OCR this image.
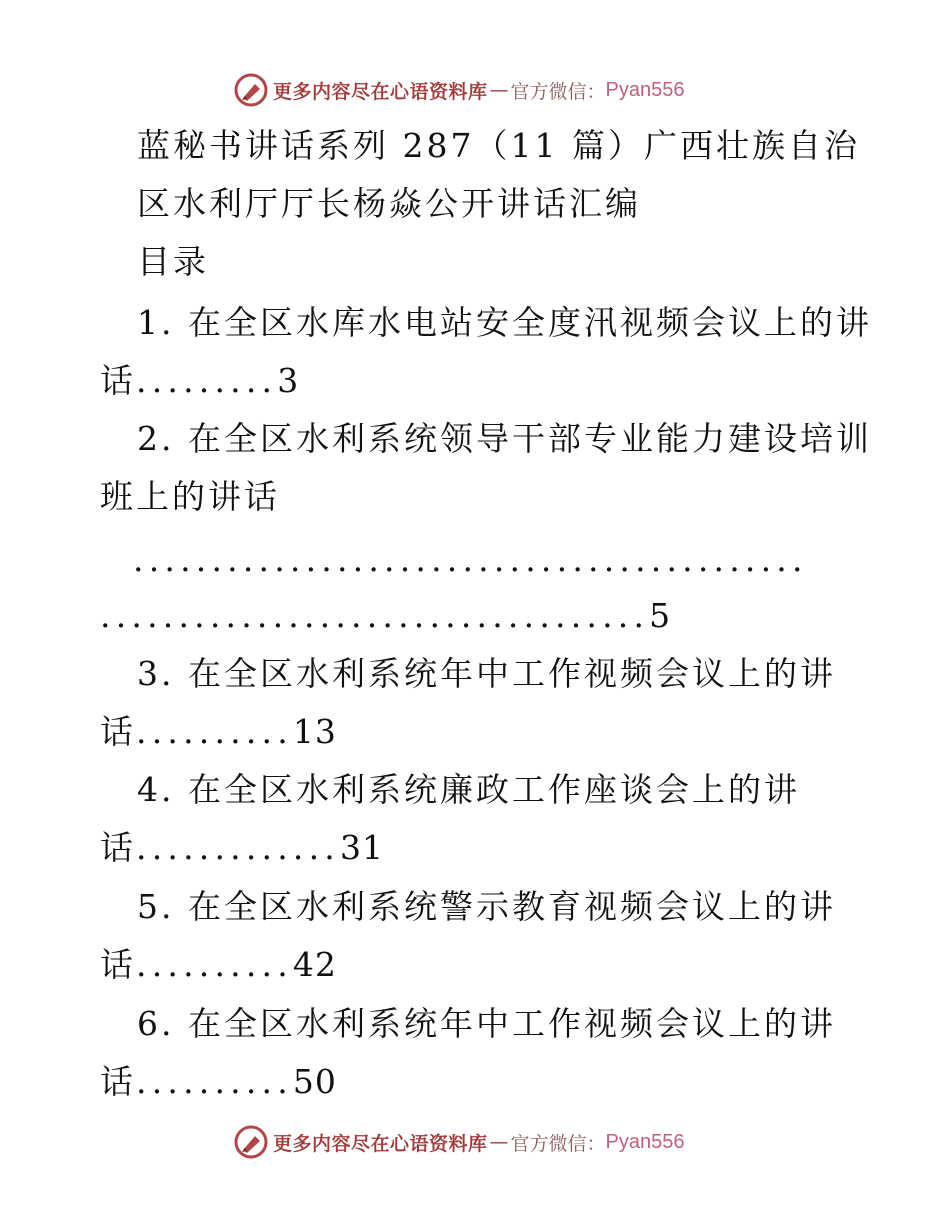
更多内容尽在心语资料库 — 官方微信： Pyan556
蓝秘书讲话系列 287（11 篇）广西壮族自治
区水利厅厅长杨焱公开讲话汇编
目录
1. 在全区水库水电站安全度汛视频会议上的讲
话.........3
2. 在全区水利系统领导干部专业能力建设培训
班上的讲话
...........................................
...................................5
3. 在全区水利系统年中工作视频会议上的讲
话..........13
4. 在全区水利系统廉政工作座谈会上的讲
话.............31
5. 在全区水利系统警示教育视频会议上的讲
话..........42
6. 在全区水利系统年中工作视频会议上的讲
话..........50
更多内容尽在心语资料库 — 官方微信： Pyan556
